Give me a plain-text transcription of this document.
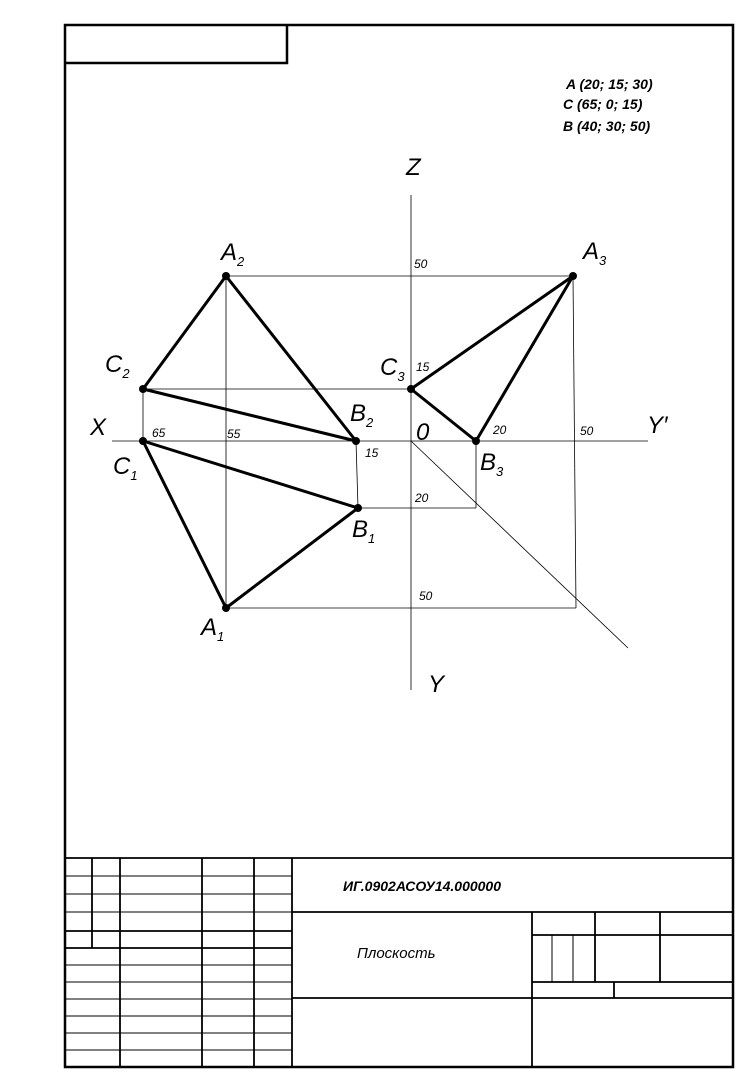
A (20; 15; 30)
C (65; 0; 15)
B (40; 30; 50)
Z
X	Y′
Y
0
50
15
65	55
15
20
20	50
50
$A_2$	$A_3$
$C_2$	$C_3$
$B_2$
$B_3$
$C_1$
$B_1$
$A_1$
ИГ.0902АСОУ14.000000
Плоскость
